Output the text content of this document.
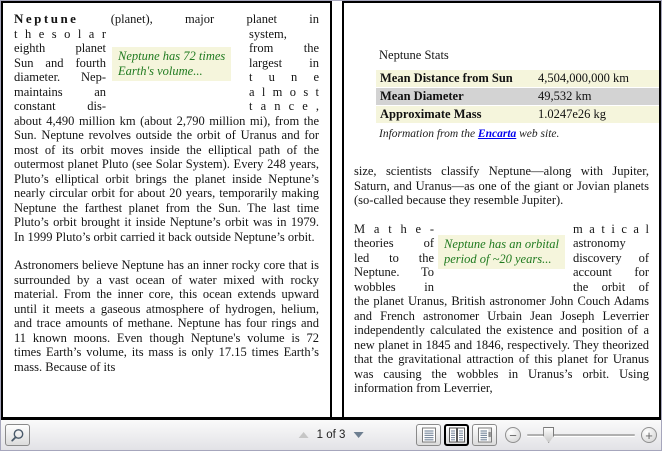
Neptune	(planet), major planet in
t h e s o l a r
eighth planet
Sun and fourth
diameter. Nep-
maintains an
constant dis-
Neptune has 72 times
Earth's volume...
system,
from the
largest in
t u n e
a l m o s t
t a n c e ,
about 4,490 million km (about 2,790 million mi), from the Sun. Neptune revolves outside the orbit of Uranus and for most of its orbit moves inside the elliptical path of the outermost planet Pluto (see Solar System). Every 248 years, Pluto’s elliptical orbit brings the planet inside Neptune’s nearly circular orbit for about 20 years, temporarily making Neptune the farthest planet from the Sun. The last time Pluto’s orbit brought it inside Neptune’s orbit was in 1979. In 1999 Pluto’s orbit carried it back outside Neptune’s orbit.
Astronomers believe Neptune has an inner rocky core that is surrounded by a vast ocean of water mixed with rocky material. From the inner core, this ocean extends upward until it meets a gaseous atmosphere of hydrogen, helium, and trace amounts of methane. Neptune has four rings and 11 known moons. Even though Neptune's volume is 72 times Earth’s volume, its mass is only 17.15 times Earth’s mass. Because of its
Neptune Stats
Mean Distance from Sun	4,504,000,000 km
Mean Diameter	49,532 km
Approximate Mass	1.0247e26 kg
Information from the Encarta web site.
size, scientists classify Neptune—along with Jupiter, Saturn, and Uranus—as one of the giant or Jovian planets (so-called because they resemble Jupiter).
M a t h e -
theories of
led to the
Neptune. To
wobbles in
Neptune has an orbital
period of ~20 years...
m a t i c a l
astronomy
discovery of
account for
the orbit of
the planet Uranus, British astronomer John Couch Adams and French astronomer Urbain Jean Joseph Leverrier independently calculated the existence and position of a new planet in 1845 and 1846, respectively. They theorized that the gravitational attraction of this planet for Uranus was causing the wobbles in Uranus’s orbit. Using information from Leverrier,
1 of 3	−	+
